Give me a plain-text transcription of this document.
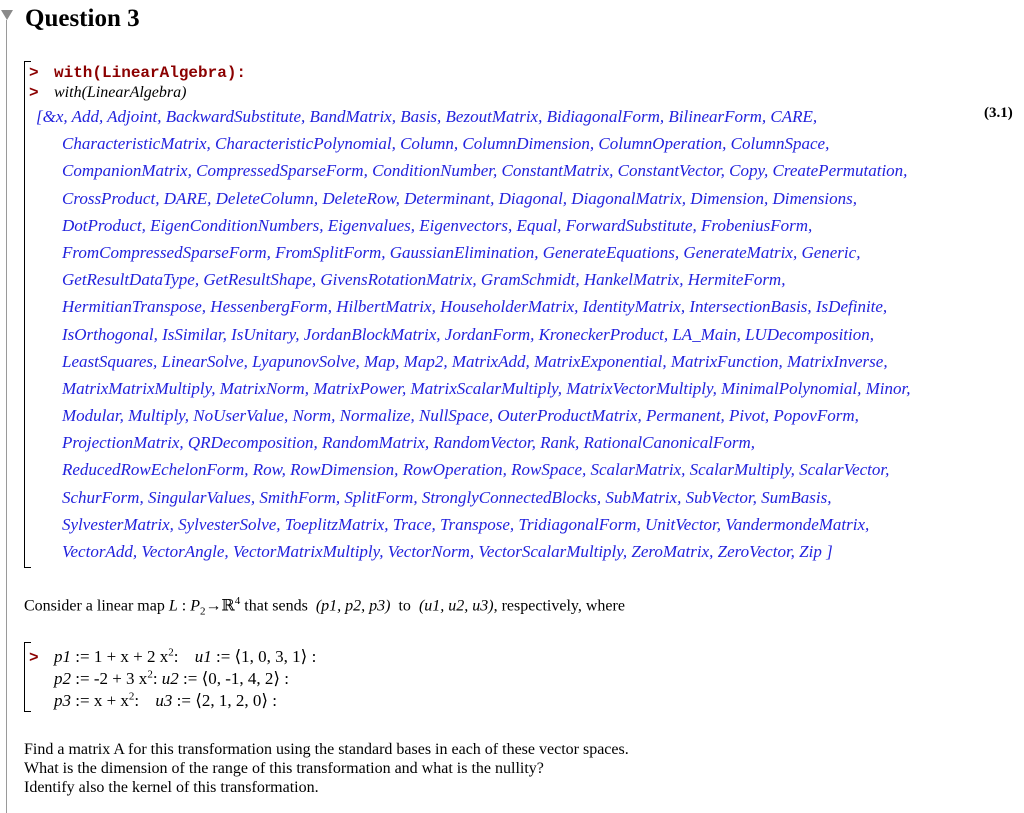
Question 3
> with(LinearAlgebra):
> with(LinearAlgebra)
(3.1)
[&x, Add, Adjoint, BackwardSubstitute, BandMatrix, Basis, BezoutMatrix, BidiagonalForm, BilinearForm, CARE,
CharacteristicMatrix, CharacteristicPolynomial, Column, ColumnDimension, ColumnOperation, ColumnSpace,
CompanionMatrix, CompressedSparseForm, ConditionNumber, ConstantMatrix, ConstantVector, Copy, CreatePermutation,
CrossProduct, DARE, DeleteColumn, DeleteRow, Determinant, Diagonal, DiagonalMatrix, Dimension, Dimensions,
DotProduct, EigenConditionNumbers, Eigenvalues, Eigenvectors, Equal, ForwardSubstitute, FrobeniusForm,
FromCompressedSparseForm, FromSplitForm, GaussianElimination, GenerateEquations, GenerateMatrix, Generic,
GetResultDataType, GetResultShape, GivensRotationMatrix, GramSchmidt, HankelMatrix, HermiteForm,
HermitianTranspose, HessenbergForm, HilbertMatrix, HouseholderMatrix, IdentityMatrix, IntersectionBasis, IsDefinite,
IsOrthogonal, IsSimilar, IsUnitary, JordanBlockMatrix, JordanForm, KroneckerProduct, LA_Main, LUDecomposition,
LeastSquares, LinearSolve, LyapunovSolve, Map, Map2, MatrixAdd, MatrixExponential, MatrixFunction, MatrixInverse,
MatrixMatrixMultiply, MatrixNorm, MatrixPower, MatrixScalarMultiply, MatrixVectorMultiply, MinimalPolynomial, Minor,
Modular, Multiply, NoUserValue, Norm, Normalize, NullSpace, OuterProductMatrix, Permanent, Pivot, PopovForm,
ProjectionMatrix, QRDecomposition, RandomMatrix, RandomVector, Rank, RationalCanonicalForm,
ReducedRowEchelonForm, Row, RowDimension, RowOperation, RowSpace, ScalarMatrix, ScalarMultiply, ScalarVector,
SchurForm, SingularValues, SmithForm, SplitForm, StronglyConnectedBlocks, SubMatrix, SubVector, SumBasis,
SylvesterMatrix, SylvesterSolve, ToeplitzMatrix, Trace, Transpose, TridiagonalForm, UnitVector, VandermondeMatrix,
VectorAdd, VectorAngle, VectorMatrixMultiply, VectorNorm, VectorScalarMultiply, ZeroMatrix, ZeroVector, Zip ]
Consider a linear map L : $P_2\to ℝ^4$ that sends (p1, p2, p3) to (u1, u2, u3), respectively, where
> p1 := 1 + x + 2 $x^2$: u1 := ⟨1, 0, 3, 1⟩ :
p2 := -2 + 3 $x^2$: u2 := ⟨0, -1, 4, 2⟩ :
p3 := $x + x^2$: u3 := ⟨2, 1, 2, 0⟩ :
Find a matrix A for this transformation using the standard bases in each of these vector spaces.
What is the dimension of the range of this transformation and what is the nullity?
Identify also the kernel of this transformation.
